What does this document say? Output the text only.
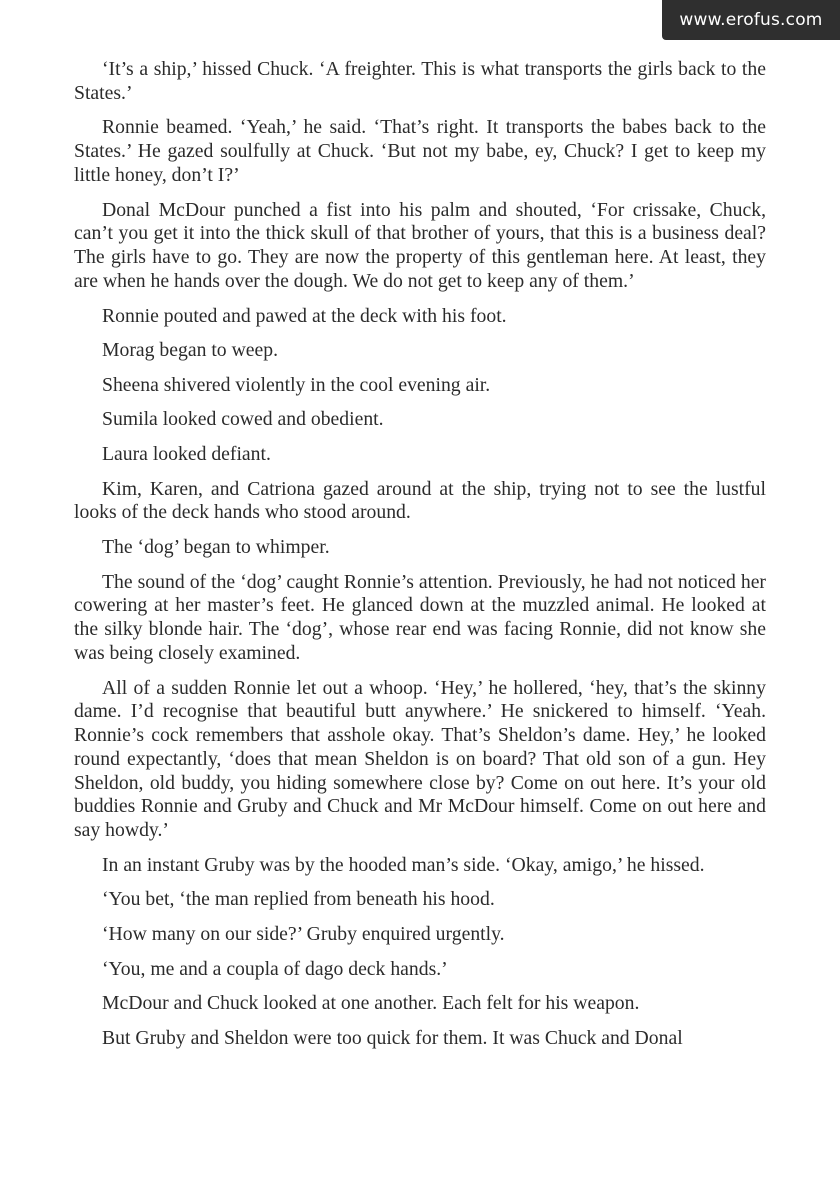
www.erofus.com

‘It’s a ship,’ hissed Chuck. ‘A freighter. This is what transports the girls back to the States.’

Ronnie beamed. ‘Yeah,’ he said. ‘That’s right. It transports the babes back to the States.’ He gazed soulfully at Chuck. ‘But not my babe, ey, Chuck? I get to keep my little honey, don’t I?’

Donal McDour punched a fist into his palm and shouted, ‘For crissake, Chuck, can’t you get it into the thick skull of that brother of yours, that this is a business deal? The girls have to go. They are now the property of this gentleman here. At least, they are when he hands over the dough. We do not get to keep any of them.’

Ronnie pouted and pawed at the deck with his foot.

Morag began to weep.

Sheena shivered violently in the cool evening air.

Sumila looked cowed and obedient.

Laura looked defiant.

Kim, Karen, and Catriona gazed around at the ship, trying not to see the lustful looks of the deck hands who stood around.

The ‘dog’ began to whimper.

The sound of the ‘dog’ caught Ronnie’s attention. Previously, he had not noticed her cowering at her master’s feet. He glanced down at the muzzled animal. He looked at the silky blonde hair. The ‘dog’, whose rear end was facing Ronnie, did not know she was being closely examined.

All of a sudden Ronnie let out a whoop. ‘Hey,’ he hollered, ‘hey, that’s the skinny dame. I’d recognise that beautiful butt anywhere.’ He snickered to himself. ‘Yeah. Ronnie’s cock remembers that asshole okay. That’s Sheldon’s dame. Hey,’ he looked round expectantly, ‘does that mean Sheldon is on board? That old son of a gun. Hey Sheldon, old buddy, you hiding somewhere close by? Come on out here. It’s your old buddies Ronnie and Gruby and Chuck and Mr McDour himself. Come on out here and say howdy.’

In an instant Gruby was by the hooded man’s side. ‘Okay, amigo,’ he hissed.

‘You bet, ‘the man replied from beneath his hood.

‘How many on our side?’ Gruby enquired urgently.

‘You, me and a coupla of dago deck hands.’

McDour and Chuck looked at one another. Each felt for his weapon.

But Gruby and Sheldon were too quick for them. It was Chuck and Donal
